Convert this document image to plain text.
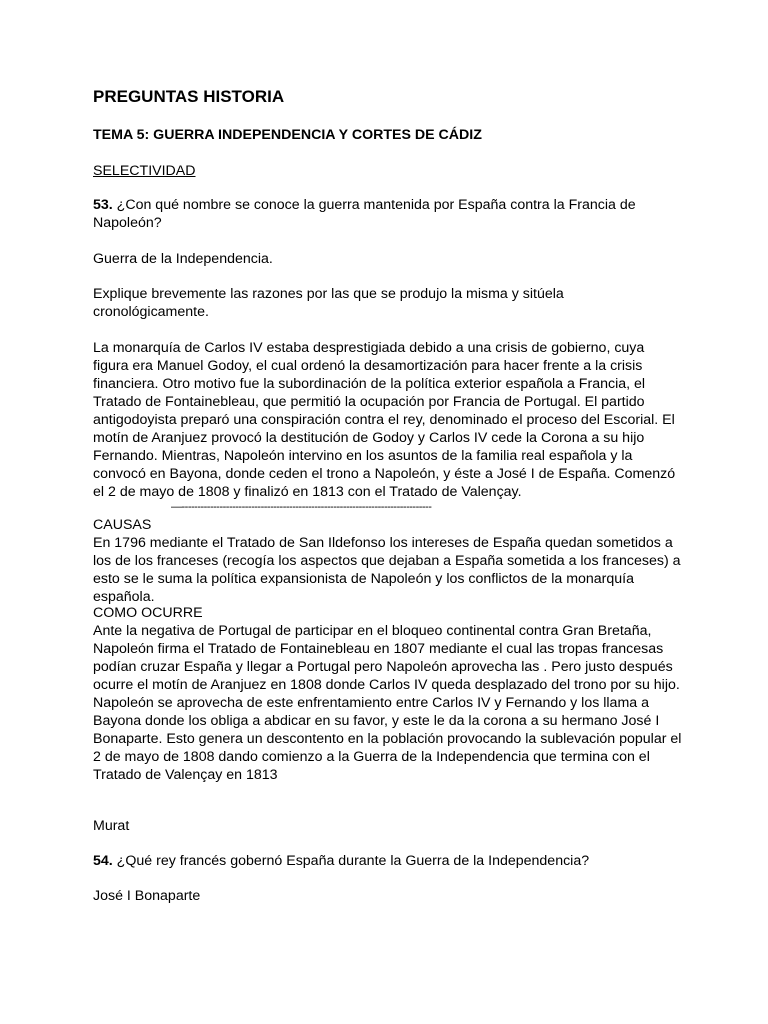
PREGUNTAS HISTORIA

TEMA 5: GUERRA INDEPENDENCIA Y CORTES DE CÁDIZ

SELECTIVIDAD

53. ¿Con qué nombre se conoce la guerra mantenida por España contra la Francia de Napoleón?

Guerra de la Independencia.

Explique brevemente las razones por las que se produjo la misma y sitúela cronológicamente.

La monarquía de Carlos IV estaba desprestigiada debido a una crisis de gobierno, cuya figura era Manuel Godoy, el cual ordenó la desamortización para hacer frente a la crisis financiera. Otro motivo fue la subordinación de la política exterior española a Francia, el Tratado de Fontainebleau, que permitió la ocupación por Francia de Portugal. El partido antigodoyista preparó una conspiración contra el rey, denominado el proceso del Escorial. El motín de Aranjuez provocó la destitución de Godoy y Carlos IV cede la Corona a su hijo Fernando. Mientras, Napoleón intervino en los asuntos de la familia real española y la convocó en Bayona, donde ceden el trono a Napoleón, y éste a José I de España. Comenzó el 2 de mayo de 1808 y finalizó en 1813 con el Tratado de Valençay.

—-------------------------------------------------------------------------------

CAUSAS

En 1796 mediante el Tratado de San Ildefonso los intereses de España quedan sometidos a los de los franceses (recogía los aspectos que dejaban a España sometida a los franceses) a esto se le suma la política expansionista de Napoleón y los conflictos de la monarquía española.

COMO OCURRE

Ante la negativa de Portugal de participar en el bloqueo continental contra Gran Bretaña, Napoleón firma el Tratado de Fontainebleau en 1807 mediante el cual las tropas francesas podían cruzar España y llegar a Portugal pero Napoleón aprovecha las . Pero justo después ocurre el motín de Aranjuez en 1808 donde Carlos IV queda desplazado del trono por su hijo. Napoleón se aprovecha de este enfrentamiento entre Carlos IV y Fernando y los llama a Bayona donde los obliga a abdicar en su favor, y este le da la corona a su hermano José I Bonaparte. Esto genera un descontento en la población provocando la sublevación popular el 2 de mayo de 1808 dando comienzo a la Guerra de la Independencia que termina con el Tratado de Valençay en 1813

Murat

54. ¿Qué rey francés gobernó España durante la Guerra de la Independencia?

José I Bonaparte
